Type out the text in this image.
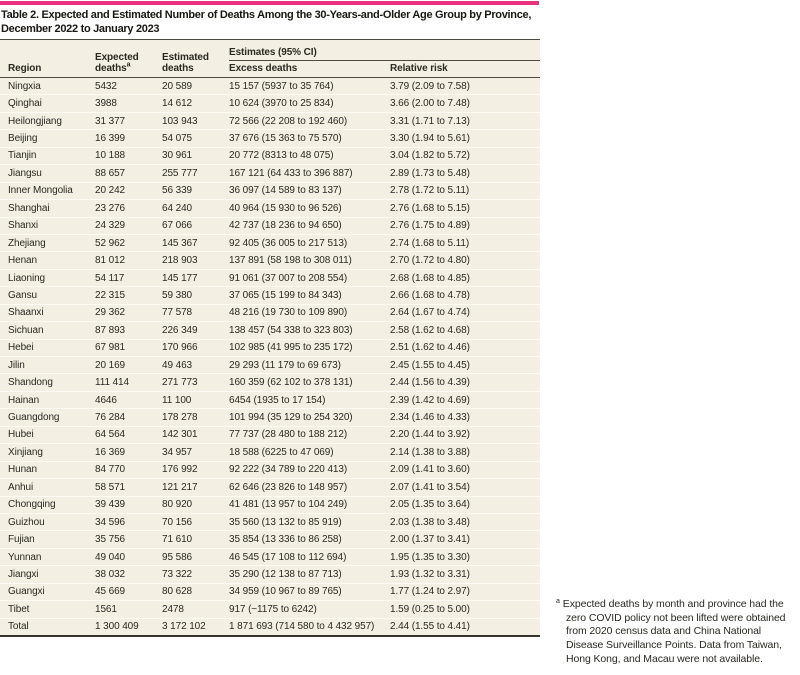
Table 2. Expected and Estimated Number of Deaths Among the 30-Years-and-Older Age Group by Province, December 2022 to January 2023
Region	Expected deaths$^a$	Estimated deaths	Estimates (95% CI)	
			Excess deaths	Relative risk
Ningxia	5432	20 589	15 157 (5937 to 35 764)	3.79 (2.09 to 7.58)
Qinghai	3988	14 612	10 624 (3970 to 25 834)	3.66 (2.00 to 7.48)
Heilongjiang	31 377	103 943	72 566 (22 208 to 192 460)	3.31 (1.71 to 7.13)
Beijing	16 399	54 075	37 676 (15 363 to 75 570)	3.30 (1.94 to 5.61)
Tianjin	10 188	30 961	20 772 (8313 to 48 075)	3.04 (1.82 to 5.72)
Jiangsu	88 657	255 777	167 121 (64 433 to 396 887)	2.89 (1.73 to 5.48)
Inner Mongolia	20 242	56 339	36 097 (14 589 to 83 137)	2.78 (1.72 to 5.11)
Shanghai	23 276	64 240	40 964 (15 930 to 96 526)	2.76 (1.68 to 5.15)
Shanxi	24 329	67 066	42 737 (18 236 to 94 650)	2.76 (1.75 to 4.89)
Zhejiang	52 962	145 367	92 405 (36 005 to 217 513)	2.74 (1.68 to 5.11)
Henan	81 012	218 903	137 891 (58 198 to 308 011)	2.70 (1.72 to 4.80)
Liaoning	54 117	145 177	91 061 (37 007 to 208 554)	2.68 (1.68 to 4.85)
Gansu	22 315	59 380	37 065 (15 199 to 84 343)	2.66 (1.68 to 4.78)
Shaanxi	29 362	77 578	48 216 (19 730 to 109 890)	2.64 (1.67 to 4.74)
Sichuan	87 893	226 349	138 457 (54 338 to 323 803)	2.58 (1.62 to 4.68)
Hebei	67 981	170 966	102 985 (41 995 to 235 172)	2.51 (1.62 to 4.46)
Jilin	20 169	49 463	29 293 (11 179 to 69 673)	2.45 (1.55 to 4.45)
Shandong	111 414	271 773	160 359 (62 102 to 378 131)	2.44 (1.56 to 4.39)
Hainan	4646	11 100	6454 (1935 to 17 154)	2.39 (1.42 to 4.69)
Guangdong	76 284	178 278	101 994 (35 129 to 254 320)	2.34 (1.46 to 4.33)
Hubei	64 564	142 301	77 737 (28 480 to 188 212)	2.20 (1.44 to 3.92)
Xinjiang	16 369	34 957	18 588 (6225 to 47 069)	2.14 (1.38 to 3.88)
Hunan	84 770	176 992	92 222 (34 789 to 220 413)	2.09 (1.41 to 3.60)
Anhui	58 571	121 217	62 646 (23 826 to 148 957)	2.07 (1.41 to 3.54)
Chongqing	39 439	80 920	41 481 (13 957 to 104 249)	2.05 (1.35 to 3.64)
Guizhou	34 596	70 156	35 560 (13 132 to 85 919)	2.03 (1.38 to 3.48)
Fujian	35 756	71 610	35 854 (13 336 to 86 258)	2.00 (1.37 to 3.41)
Yunnan	49 040	95 586	46 545 (17 108 to 112 694)	1.95 (1.35 to 3.30)
Jiangxi	38 032	73 322	35 290 (12 138 to 87 713)	1.93 (1.32 to 3.31)
Guangxi	45 669	80 628	34 959 (10 967 to 89 765)	1.77 (1.24 to 2.97)
Tibet	1561	2478	917 (−1175 to 6242)	1.59 (0.25 to 5.00)
Total	1 300 409	3 172 102	1 871 693 (714 580 to 4 432 957)	2.44 (1.55 to 4.41)
$^a$ Expected deaths by month and province had the zero COVID policy not been lifted were obtained from 2020 census data and China National Disease Surveillance Points. Data from Taiwan, Hong Kong, and Macau were not available.
